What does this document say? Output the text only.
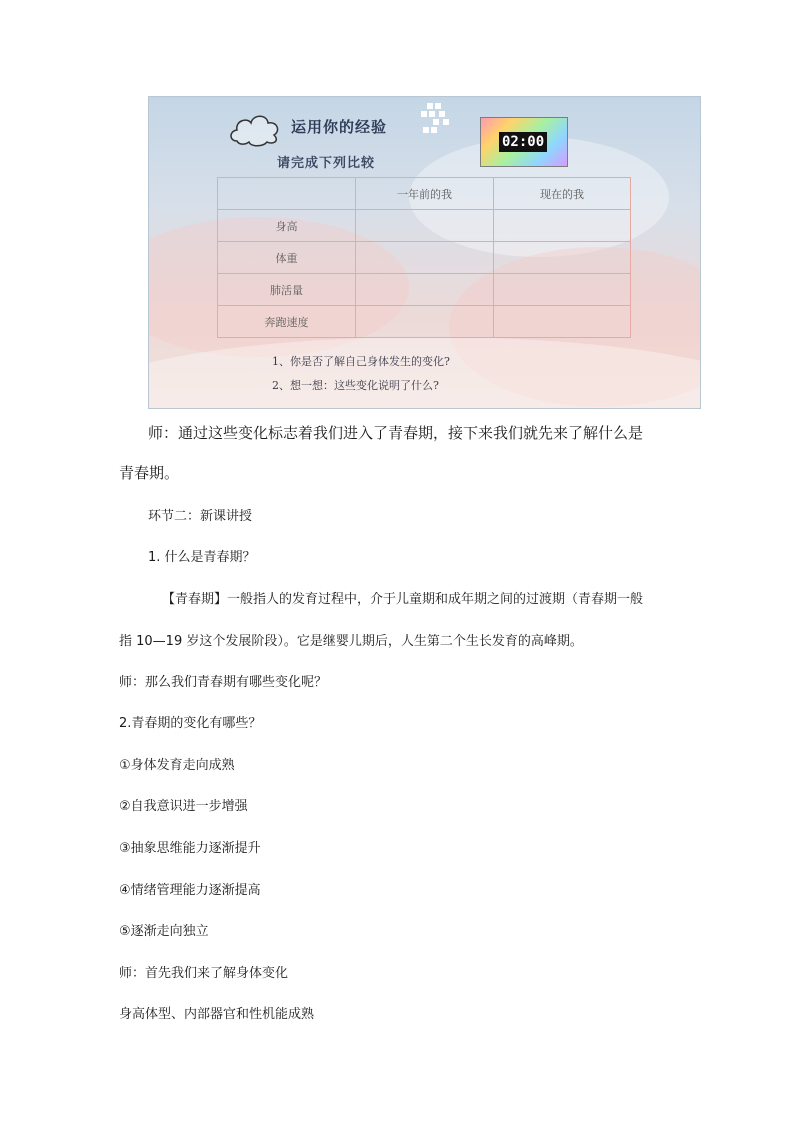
运用你的经验
请完成下列比较
02:00
	一年前的我	现在的我
身高		
体重		
肺活量		
奔跑速度		
1、你是否了解自己身体发生的变化?
2、想一想：这些变化说明了什么?

师：通过这些变化标志着我们进入了青春期，接下来我们就先来了解什么是

青春期。

环节二：新课讲授

1. 什么是青春期？

【青春期】一般指人的发育过程中，介于儿童期和成年期之间的过渡期（青春期一般

指 10—19 岁这个发展阶段）。它是继婴儿期后，人生第二个生长发育的高峰期。

师：那么我们青春期有哪些变化呢？

2.青春期的变化有哪些？

①身体发育走向成熟

②自我意识进一步增强

③抽象思维能力逐渐提升

④情绪管理能力逐渐提高

⑤逐渐走向独立

师：首先我们来了解身体变化

身高体型、内部器官和性机能成熟
